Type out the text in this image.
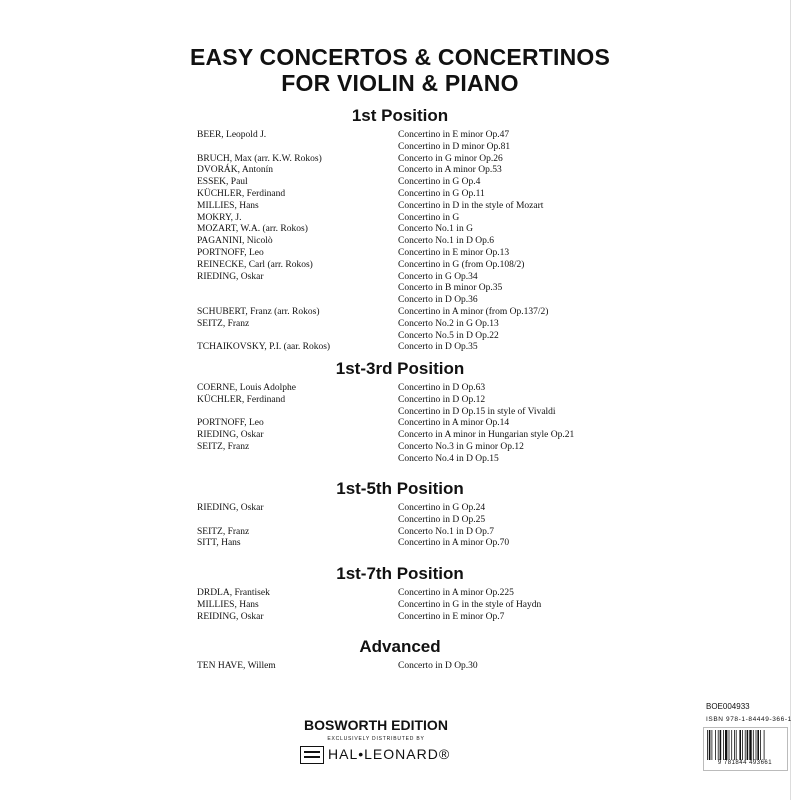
EASY CONCERTOS & CONCERTINOS
FOR VIOLIN & PIANO
1st Position
BEER, Leopold J.	Concertino in E minor Op.47
Concertino in D minor Op.81
BRUCH, Max (arr. K.W. Rokos)	Concerto in G minor Op.26
DVORÁK, Antonín	Concerto in A minor Op.53
ESSEK, Paul	Concertino in G Op.4
KÜCHLER, Ferdinand	Concertino in G Op.11
MILLIES, Hans	Concertino in D in the style of Mozart
MOKRY, J.	Concertino in G
MOZART, W.A. (arr. Rokos)	Concerto No.1 in G
PAGANINI, Nicolò	Concerto No.1 in D Op.6
PORTNOFF, Leo	Concertino in E minor Op.13
REINECKE, Carl (arr. Rokos)	Concertino in G (from Op.108/2)
RIEDING, Oskar	Concerto in G Op.34
Concerto in B minor Op.35
Concerto in D Op.36
SCHUBERT, Franz (arr. Rokos)	Concertino in A minor (from Op.137/2)
SEITZ, Franz	Concerto No.2 in G Op.13
Concerto No.5 in D Op.22
TCHAIKOVSKY, P.I. (aar. Rokos)	Concerto in D Op.35
1st-3rd Position
COERNE, Louis Adolphe	Concertino in D Op.63
KÜCHLER, Ferdinand	Concertino in D Op.12
Concertino in D Op.15 in style of Vivaldi
PORTNOFF, Leo	Concertino in A minor Op.14
RIEDING, Oskar	Concerto in A minor in Hungarian style Op.21
SEITZ, Franz	Concerto No.3 in G minor Op.12
Concerto No.4 in D Op.15
1st-5th Position
RIEDING, Oskar	Concertino in G Op.24
Concertino in D Op.25
SEITZ, Franz	Concerto No.1 in D Op.7
SITT, Hans	Concertino in A minor Op.70
1st-7th Position
DRDLA, Frantisek	Concertino in A minor Op.225
MILLIES, Hans	Concertino in G in the style of Haydn
REIDING, Oskar	Concertino in E minor Op.7
Advanced
TEN HAVE, Willem	Concerto in D Op.30
BOE004933
ISBN 978-1-84449-366-1
9 781844 493661
BOSWORTH EDITION
EXCLUSIVELY DISTRIBUTED BY
HAL•LEONARD®
